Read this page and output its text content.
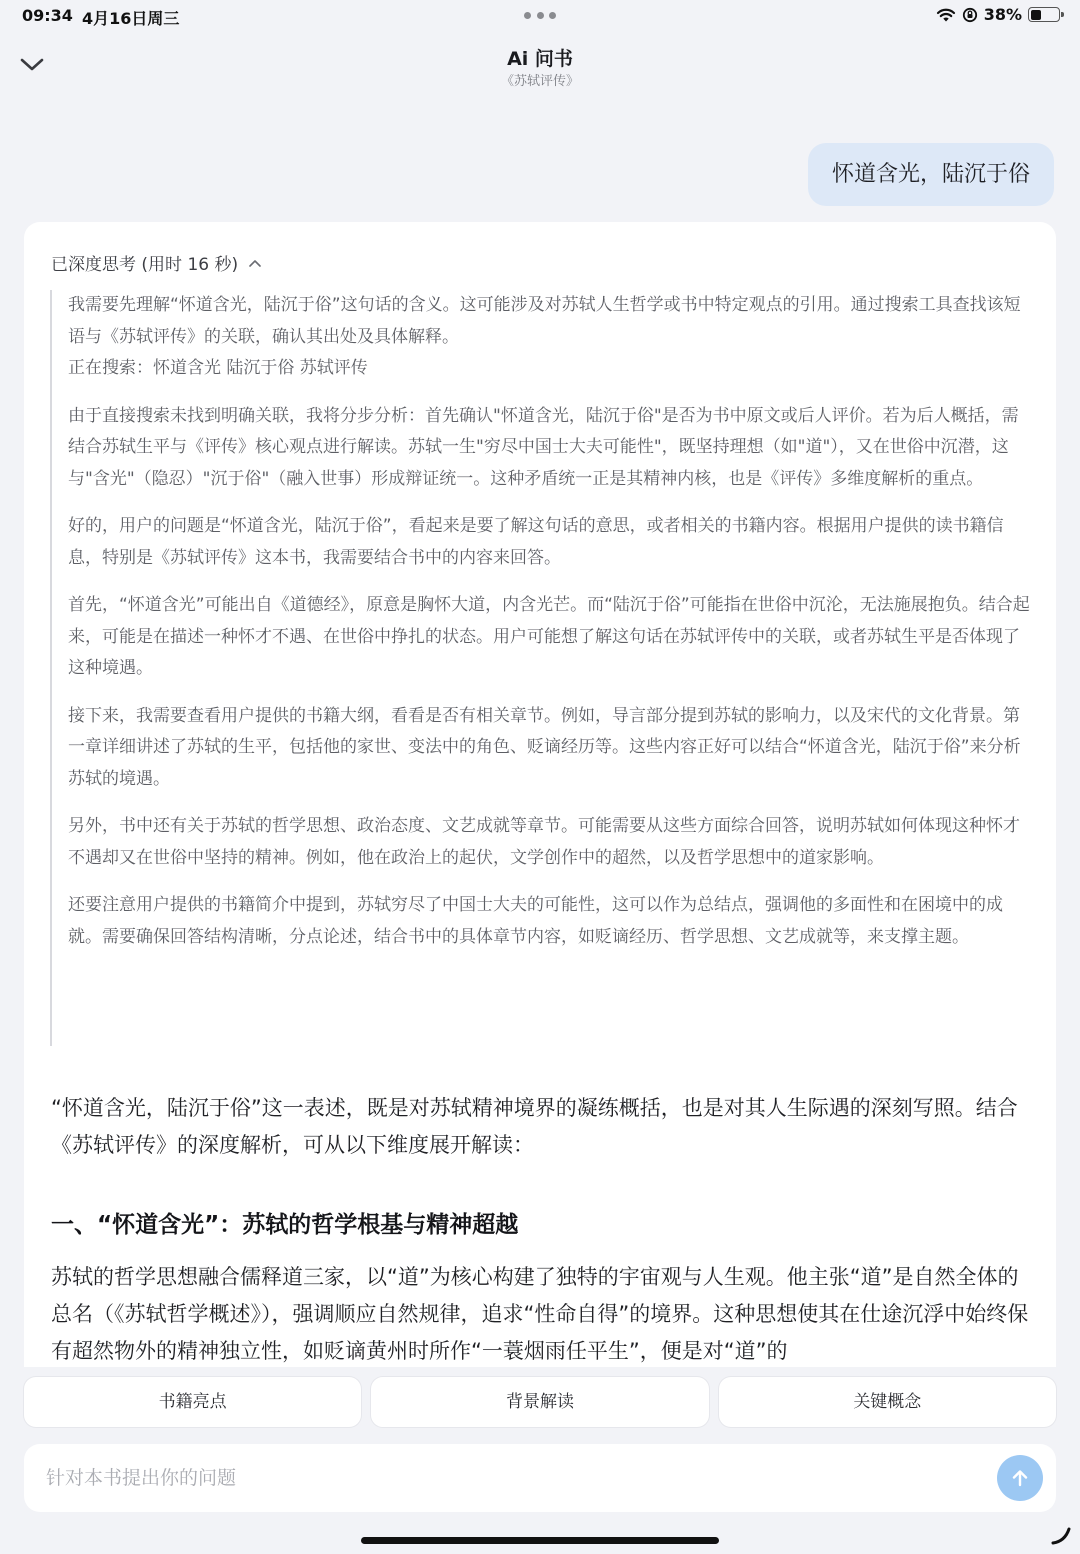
09:34 4月16日周三	38%
Ai 问书
《苏轼评传》
怀道含光，陆沉于俗
已深度思考 (用时 16 秒)

我需要先理解“怀道含光，陆沉于俗”这句话的含义。这可能涉及对苏轼人生哲学或书中特定观点的引用。通过搜索工具查找该短语与《苏轼评传》的关联，确认其出处及具体解释。

正在搜索：怀道含光 陆沉于俗 苏轼评传

由于直接搜索未找到明确关联，我将分步分析：首先确认"怀道含光，陆沉于俗"是否为书中原文或后人评价。若为后人概括，需结合苏轼生平与《评传》核心观点进行解读。苏轼一生"穷尽中国士大夫可能性"，既坚持理想（如"道"），又在世俗中沉潜，这与"含光"（隐忍）"沉于俗"（融入世事）形成辩证统一。这种矛盾统一正是其精神内核，也是《评传》多维度解析的重点。

好的，用户的问题是“怀道含光，陆沉于俗”，看起来是要了解这句话的意思，或者相关的书籍内容。根据用户提供的读书籍信息，特别是《苏轼评传》这本书，我需要结合书中的内容来回答。

首先，“怀道含光”可能出自《道德经》，原意是胸怀大道，内含光芒。而“陆沉于俗”可能指在世俗中沉沦，无法施展抱负。结合起来，可能是在描述一种怀才不遇、在世俗中挣扎的状态。用户可能想了解这句话在苏轼评传中的关联，或者苏轼生平是否体现了这种境遇。

接下来，我需要查看用户提供的书籍大纲，看看是否有相关章节。例如，导言部分提到苏轼的影响力，以及宋代的文化背景。第一章详细讲述了苏轼的生平，包括他的家世、变法中的角色、贬谪经历等。这些内容正好可以结合“怀道含光，陆沉于俗”来分析苏轼的境遇。

另外，书中还有关于苏轼的哲学思想、政治态度、文艺成就等章节。可能需要从这些方面综合回答，说明苏轼如何体现这种怀才不遇却又在世俗中坚持的精神。例如，他在政治上的起伏，文学创作中的超然，以及哲学思想中的道家影响。

还要注意用户提供的书籍简介中提到，苏轼穷尽了中国士大夫的可能性，这可以作为总结点，强调他的多面性和在困境中的成就。需要确保回答结构清晰，分点论述，结合书中的具体章节内容，如贬谪经历、哲学思想、文艺成就等，来支撑主题。

“怀道含光，陆沉于俗”这一表述，既是对苏轼精神境界的凝练概括，也是对其人生际遇的深刻写照。结合《苏轼评传》的深度解析，可从以下维度展开解读：

一、“怀道含光”：苏轼的哲学根基与精神超越

苏轼的哲学思想融合儒释道三家，以“道”为核心构建了独特的宇宙观与人生观。他主张“道”是自然全体的总名（《苏轼哲学概述》），强调顺应自然规律，追求“性命自得”的境界。这种思想使其在仕途沉浮中始终保有超然物外的精神独立性，如贬谪黄州时所作“一蓑烟雨任平生”，便是对“道”的

书籍亮点	背景解读	关键概念
针对本书提出你的问题
